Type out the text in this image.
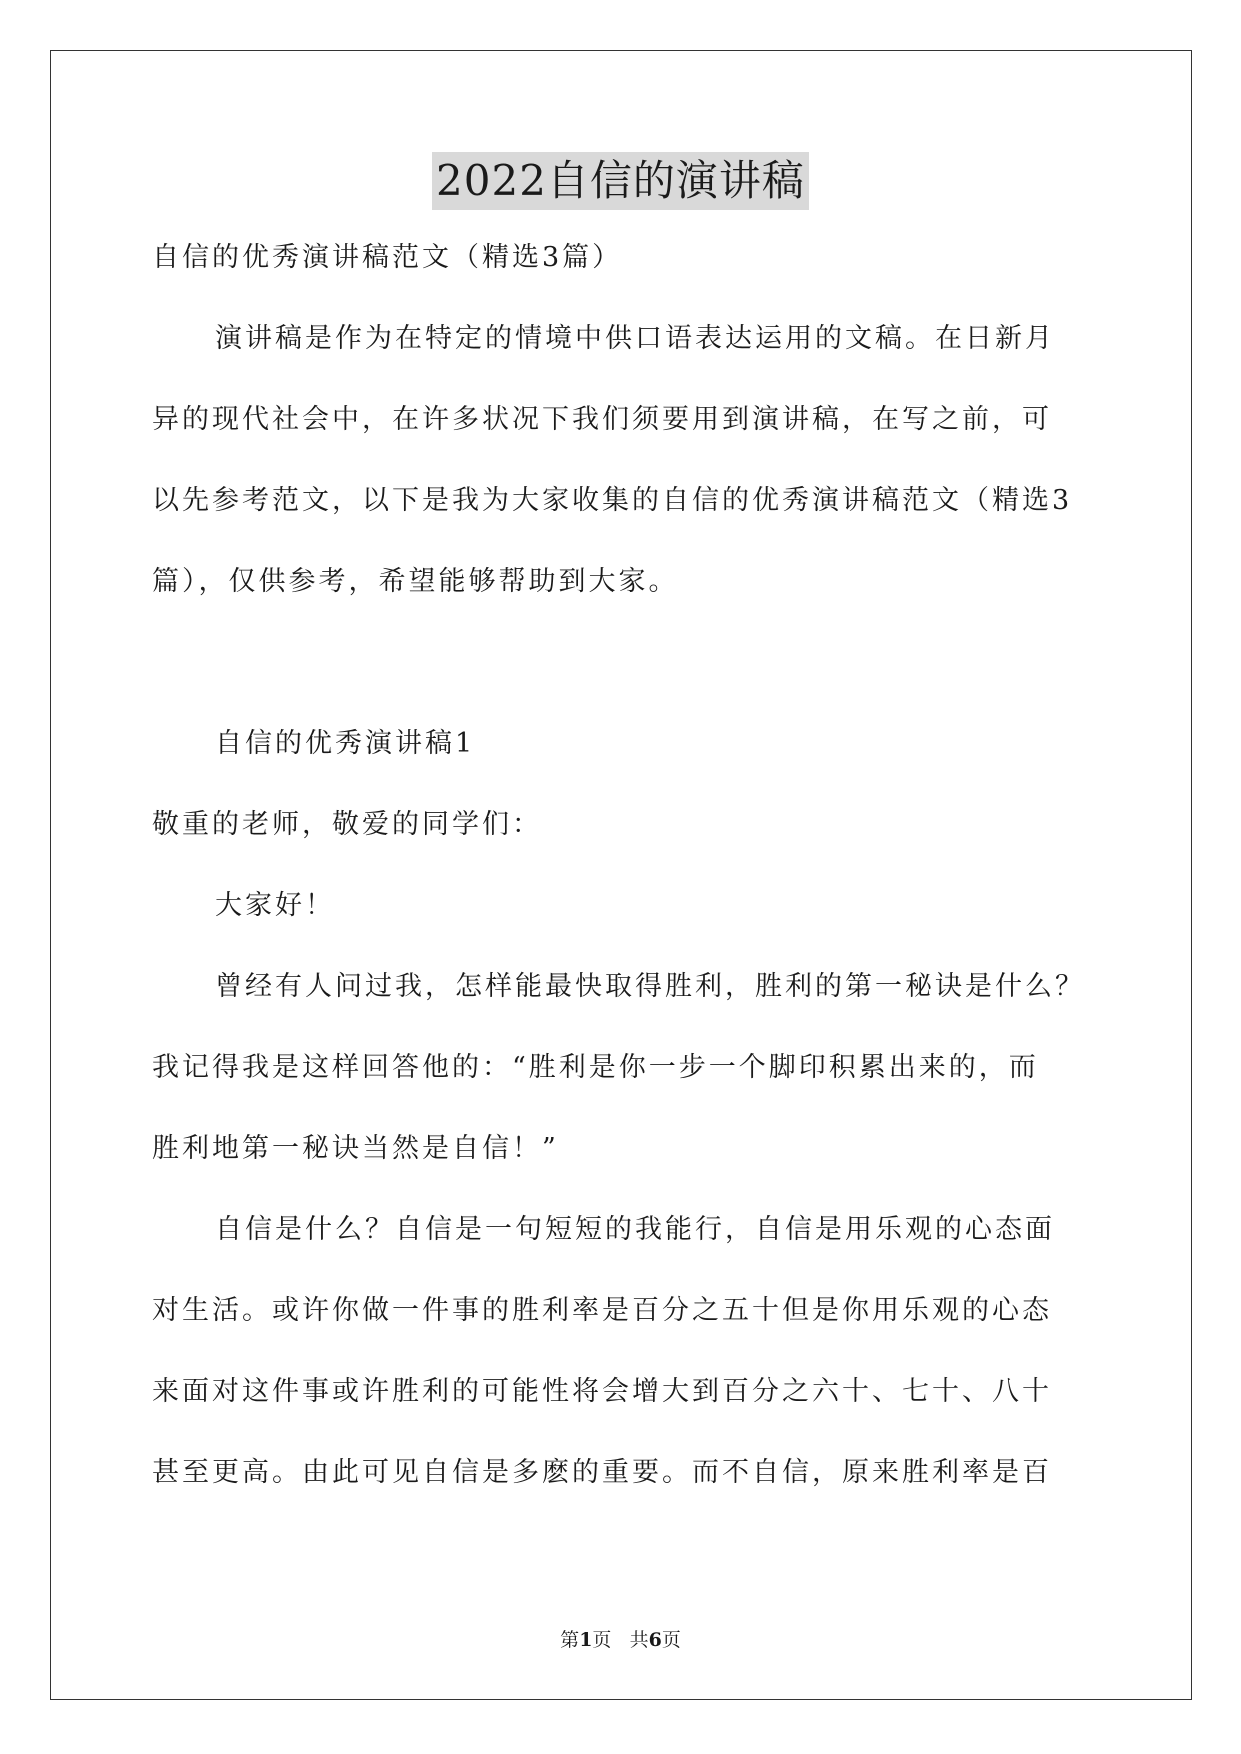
2022自信的演讲稿
自信的优秀演讲稿范文（精选3篇）
演讲稿是作为在特定的情境中供口语表达运用的文稿。在日新月
异的现代社会中，在许多状况下我们须要用到演讲稿，在写之前，可
以先参考范文，以下是我为大家收集的自信的优秀演讲稿范文（精选3
篇），仅供参考，希望能够帮助到大家。
自信的优秀演讲稿1
敬重的老师，敬爱的同学们：
大家好！
曾经有人问过我，怎样能最快取得胜利，胜利的第一秘诀是什么？
我记得我是这样回答他的：“胜利是你一步一个脚印积累出来的，而
胜利地第一秘诀当然是自信！”
自信是什么？自信是一句短短的我能行，自信是用乐观的心态面
对生活。或许你做一件事的胜利率是百分之五十但是你用乐观的心态
来面对这件事或许胜利的可能性将会增大到百分之六十、七十、八十
甚至更高。由此可见自信是多麽的重要。而不自信，原来胜利率是百
第1页 共6页
